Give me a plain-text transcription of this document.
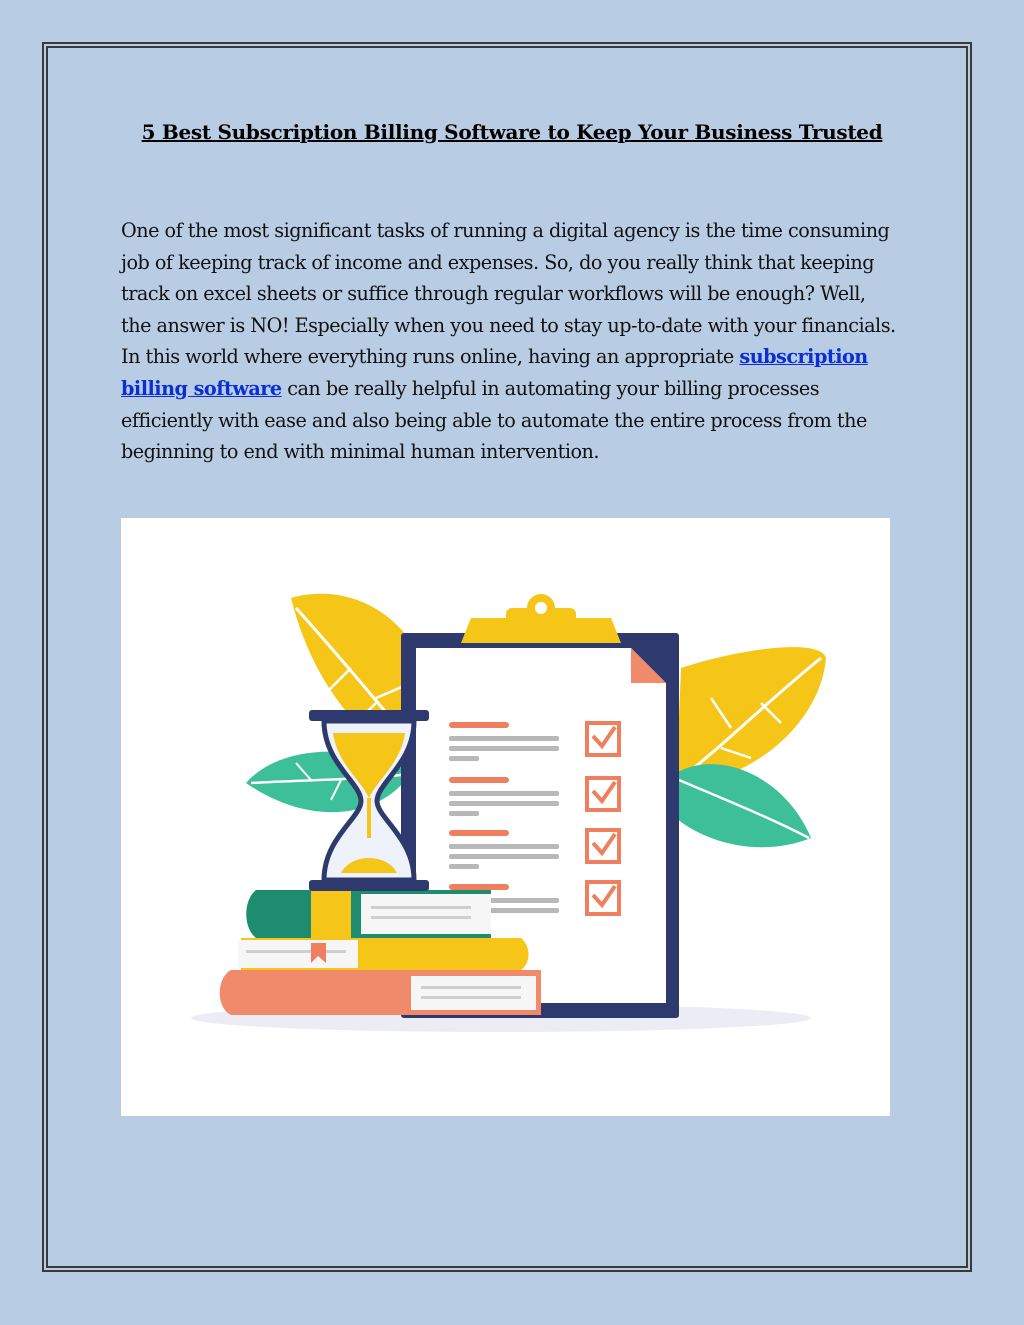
5 Best Subscription Billing Software to Keep Your Business Trusted
One of the most significant tasks of running a digital agency is the time consuming job of keeping track of income and expenses. So, do you really think that keeping track on excel sheets or suffice through regular workflows will be enough? Well, the answer is NO! Especially when you need to stay up-to-date with your financials. In this world where everything runs online, having an appropriate subscription billing software can be really helpful in automating your billing processes efficiently with ease and also being able to automate the entire process from the beginning to end with minimal human intervention.
